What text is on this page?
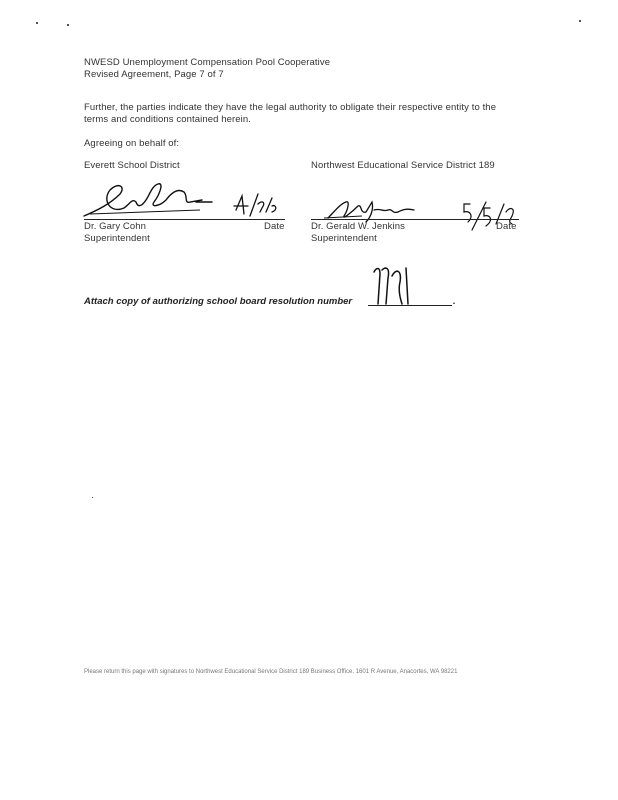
NWESD Unemployment Compensation Pool Cooperative
Revised Agreement, Page 7 of 7
Further, the parties indicate they have the legal authority to obligate their respective entity to the
terms and conditions contained herein.
Agreeing on behalf of:
Everett School District
Dr. Gary Cohn	Date
Superintendent
Northwest Educational Service District 189
Dr. Gerald W. Jenkins	Date
Superintendent
Attach copy of authorizing school board resolution number	.
Please return this page with signatures to Northwest Educational Service District 189 Business Office, 1601 R Avenue, Anacortes, WA 98221
